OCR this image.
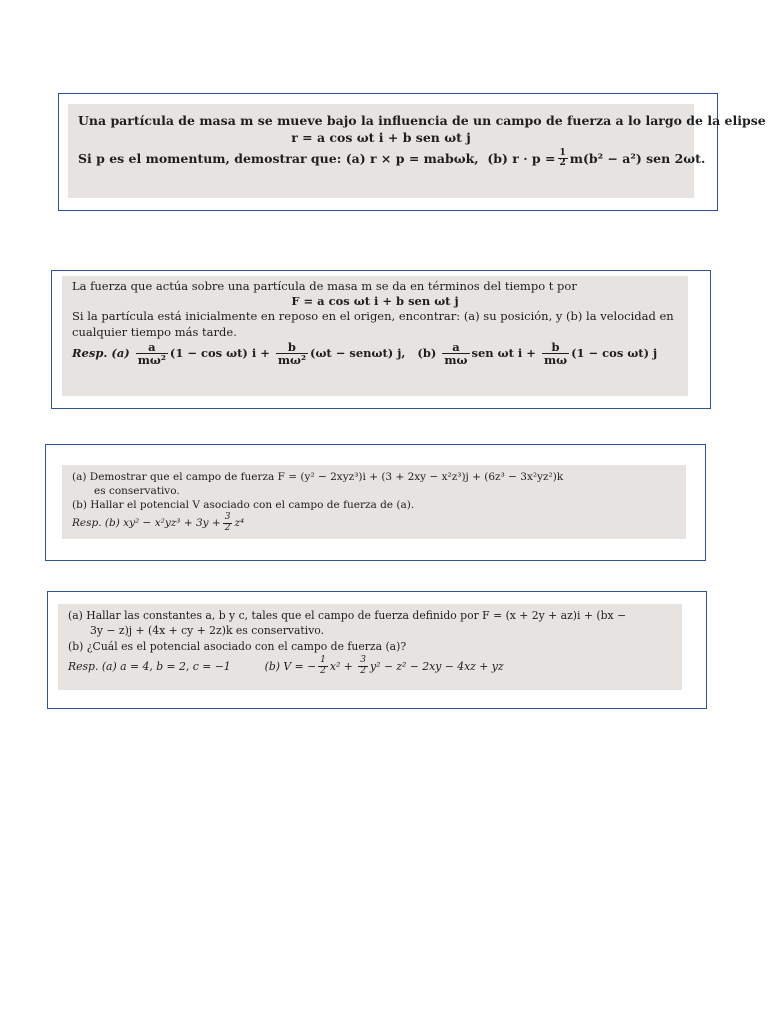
Una partícula de masa m se mueve bajo la influencia de un campo de fuerza a lo largo de la elipse
r = a cos ωt i + b sen ωt j
Si p es el momentum, demostrar que:
(a) r × p = mabωk,
(b) $r \cdot p = \frac{1}{2} m(b^2 - a^2)$ sen 2ωt.
La fuerza que actúa sobre una partícula de masa m se da en términos del tiempo t por
F = a cos ωt i + b sen ωt j
Si la partícula está inicialmente en reposo en el origen, encontrar: (a) su posición, y (b) la velocidad en
cualquier tiempo más tarde.
Resp. (a)
$\frac{a}{\text{mω²}} (1 - \cos \omega t) i$ +
$\frac{b}{\text{mω²}} (\omega t - sen\omega t)$ j,
(b)
$\frac{a}{m\omega}$ sen ωt i +
$\frac{b}{m\omega} (1 - \cos \omega t)$ j
(a) Demostrar que el campo de fuerza F = (y² − 2xyz³)i + (3 + 2xy − x²z³)j + (6z³ − 3x²yz²)k
es conservativo.
(b) Hallar el potencial V asociado con el campo de fuerza de (a).
Resp. (b) $xy^2 - x^2yz^3 + 3y + \frac{3}{2} z^4$
(a) Hallar las constantes a, b y c, tales que el campo de fuerza definido por F = (x + 2y + az)i + (bx −
3y − z)j + (4x + cy + 2z)k es conservativo.
(b) ¿Cuál es el potencial asociado con el campo de fuerza (a)?
Resp. (a) a = 4, b = 2, c = −1	(b) V = − $\frac{1}{2} x^2$ +
$\frac{3}{2} y^2 - z^2 - 2xy - 4xz$ + yz
